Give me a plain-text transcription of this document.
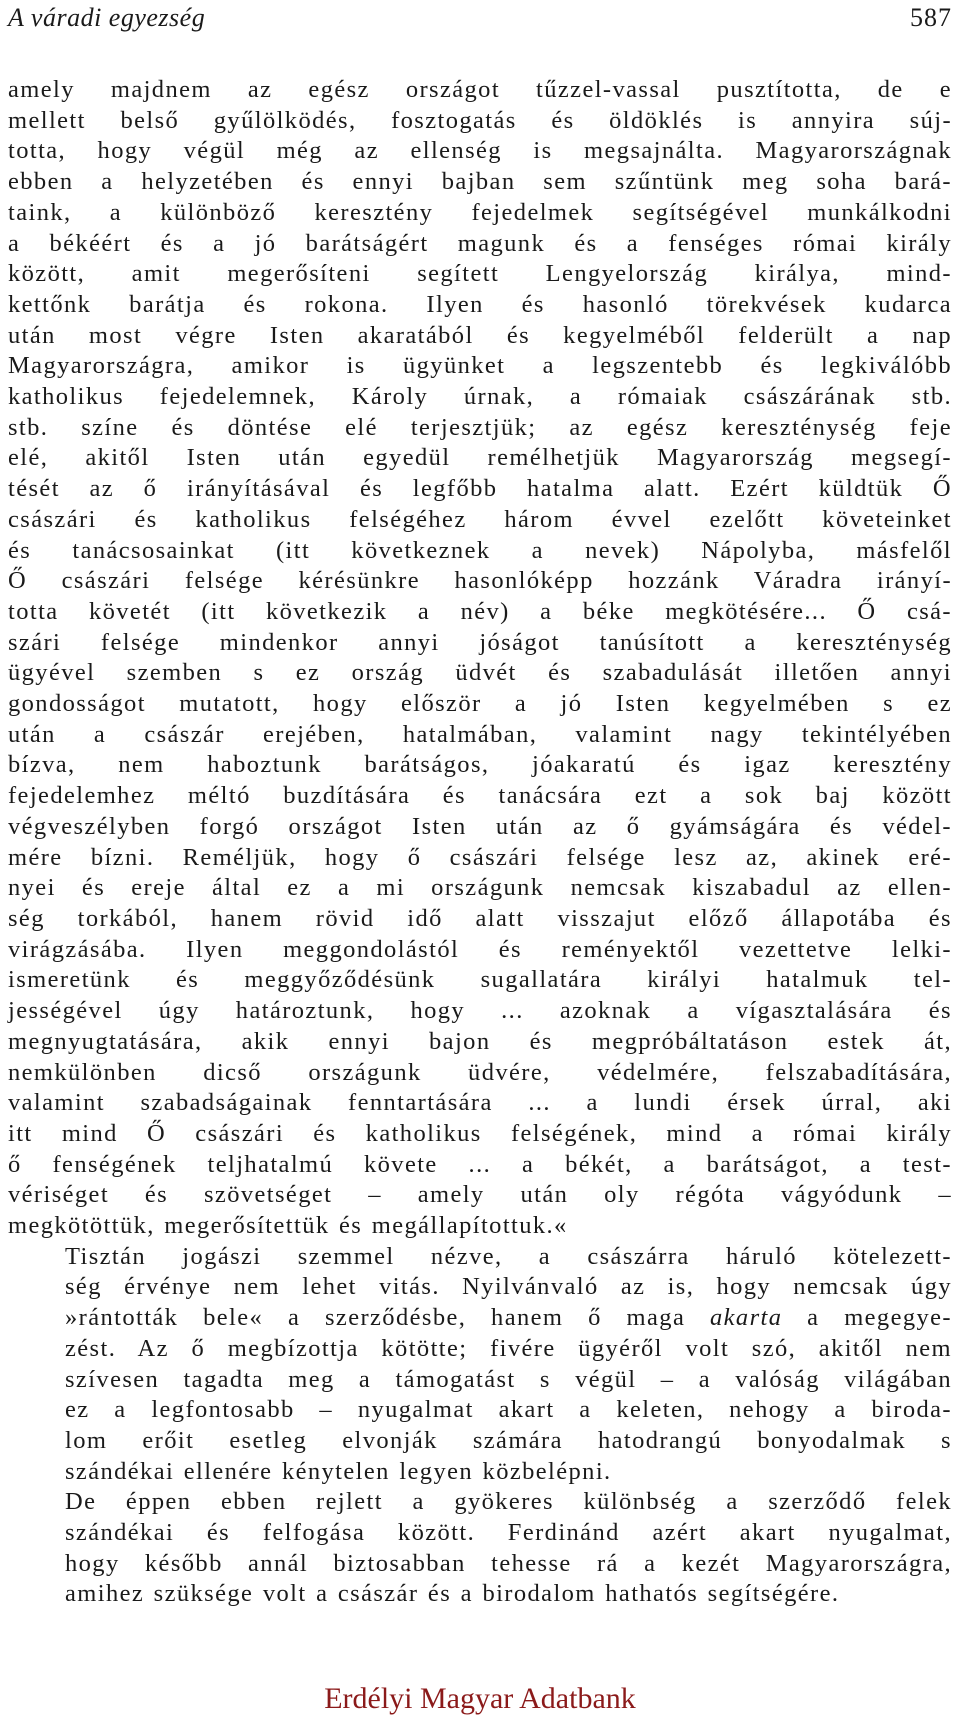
A váradi egyezség	587
amely majdnem az egész országot tűzzel-vassal pusztította, de e
mellett belső gyűlölködés, fosztogatás és öldöklés is annyira súj-
totta, hogy végül még az ellenség is megsajnálta. Magyarországnak
ebben a helyzetében és ennyi bajban sem szűntünk meg soha bará-
taink, a különböző keresztény fejedelmek segítségével munkálkodni
a békéért és a jó barátságért magunk és a fenséges római király
között, amit megerősíteni segített Lengyelország királya, mind-
kettőnk barátja és rokona. Ilyen és hasonló törekvések kudarca
után most végre Isten akaratából és kegyelméből felderült a nap
Magyarországra, amikor is ügyünket a legszentebb és legkiválóbb
katholikus fejedelemnek, Károly úrnak, a rómaiak császárának stb.
stb. színe és döntése elé terjesztjük; az egész kereszténység feje
elé, akitől Isten után egyedül remélhetjük Magyarország megsegí-
tését az ő irányításával és legfőbb hatalma alatt. Ezért küldtük Ő
császári és katholikus felségéhez három évvel ezelőtt követeinket
és tanácsosainkat (itt következnek a nevek) Nápolyba, másfelől
Ő császári felsége kérésünkre hasonlóképp hozzánk Váradra irányí-
totta követét (itt következik a név) a béke megkötésére... Ő csá-
szári felsége mindenkor annyi jóságot tanúsított a kereszténység
ügyével szemben s ez ország üdvét és szabadulását illetően annyi
gondosságot mutatott, hogy először a jó Isten kegyelmében s ez
után a császár erejében, hatalmában, valamint nagy tekintélyében
bízva, nem haboztunk barátságos, jóakaratú és igaz keresztény
fejedelemhez méltó buzdítására és tanácsára ezt a sok baj között
végveszélyben forgó országot Isten után az ő gyámságára és védel-
mére bízni. Reméljük, hogy ő császári felsége lesz az, akinek eré-
nyei és ereje által ez a mi országunk nemcsak kiszabadul az ellen-
ség torkából, hanem rövid idő alatt visszajut előző állapotába és
virágzásába. Ilyen meggondolástól és reményektől vezettetve lelki-
ismeretünk és meggyőződésünk sugallatára királyi hatalmuk tel-
jességével úgy határoztunk, hogy ... azoknak a vígasztalására és
megnyugtatására, akik ennyi bajon és megpróbáltatáson estek át,
nemkülönben dicső országunk üdvére, védelmére, felszabadítására,
valamint szabadságainak fenntartására ... a lundi érsek úrral, aki
itt mind Ő császári és katholikus felségének, mind a római király
ő fenségének teljhatalmú követe ... a békét, a barátságot, a test-
vériséget és szövetséget – amely után oly régóta vágyódunk –
megkötöttük, megerősítettük és megállapítottuk.«
Tisztán jogászi szemmel nézve, a császárra háruló kötelezett-
ség érvénye nem lehet vitás. Nyilvánvaló az is, hogy nemcsak úgy
»rántották bele« a szerződésbe, hanem ő maga akarta a megegye-
zést. Az ő megbízottja kötötte; fivére ügyéről volt szó, akitől nem
szívesen tagadta meg a támogatást s végül – a valóság világában
ez a legfontosabb – nyugalmat akart a keleten, nehogy a biroda-
lom erőit esetleg elvonják számára hatodrangú bonyodalmak s
szándékai ellenére kénytelen legyen közbelépni.
De éppen ebben rejlett a gyökeres különbség a szerződő felek
szándékai és felfogása között. Ferdinánd azért akart nyugalmat,
hogy később annál biztosabban tehesse rá a kezét Magyarországra,
amihez szüksége volt a császár és a birodalom hathatós segítségére.
Erdélyi Magyar Adatbank
